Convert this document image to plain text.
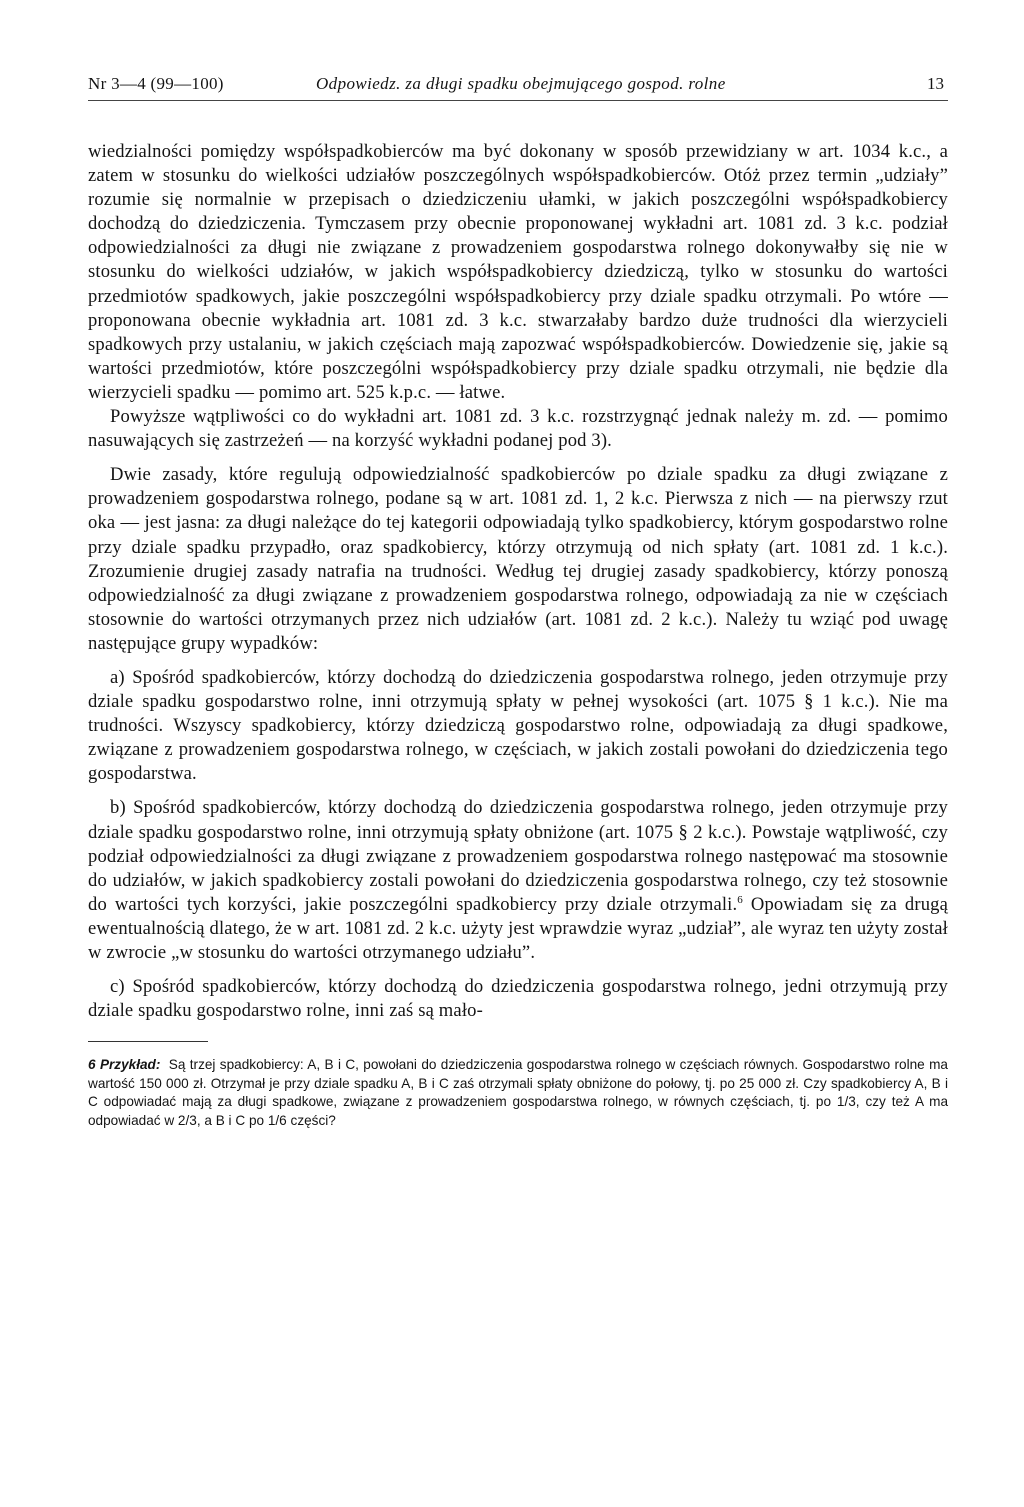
Nr 3—4 (99—100)	Odpowiedz. za długi spadku obejmującego gospod. rolne	13

wiedzialności pomiędzy współspadkobierców ma być dokonany w sposób przewidziany w art. 1034 k.c., a zatem w stosunku do wielkości udziałów poszczególnych współspadkobierców. Otóż przez termin „udziały” rozumie się normalnie w przepisach o dziedziczeniu ułamki, w jakich poszczególni współspadkobiercy dochodzą do dziedziczenia. Tymczasem przy obecnie proponowanej wykładni art. 1081 zd. 3 k.c. podział odpowiedzialności za długi nie związane z prowadzeniem gospodarstwa rolnego dokonywałby się nie w stosunku do wielkości udziałów, w jakich współspadkobiercy dziedziczą, tylko w stosunku do wartości przedmiotów spadkowych, jakie poszczególni współspadkobiercy przy dziale spadku otrzymali. Po wtóre — proponowana obecnie wykładnia art. 1081 zd. 3 k.c. stwarzałaby bardzo duże trudności dla wierzycieli spadkowych przy ustalaniu, w jakich częściach mają zapozwać współspadkobierców. Dowiedzenie się, jakie są wartości przedmiotów, które poszczególni współspadkobiercy przy dziale spadku otrzymali, nie będzie dla wierzycieli spadku — pomimo art. 525 k.p.c. — łatwe.

Powyższe wątpliwości co do wykładni art. 1081 zd. 3 k.c. rozstrzygnąć jednak należy m. zd. — pomimo nasuwających się zastrzeżeń — na korzyść wykładni podanej pod 3).

Dwie zasady, które regulują odpowiedzialność spadkobierców po dziale spadku za długi związane z prowadzeniem gospodarstwa rolnego, podane są w art. 1081 zd. 1, 2 k.c. Pierwsza z nich — na pierwszy rzut oka — jest jasna: za długi należące do tej kategorii odpowiadają tylko spadkobiercy, którym gospodarstwo rolne przy dziale spadku przypadło, oraz spadkobiercy, którzy otrzymują od nich spłaty (art. 1081 zd. 1 k.c.). Zrozumienie drugiej zasady natrafia na trudności. Według tej drugiej zasady spadkobiercy, którzy ponoszą odpowiedzialność za długi związane z prowadzeniem gospodarstwa rolnego, odpowiadają za nie w częściach stosownie do wartości otrzymanych przez nich udziałów (art. 1081 zd. 2 k.c.). Należy tu wziąć pod uwagę następujące grupy wypadków:

a) Spośród spadkobierców, którzy dochodzą do dziedziczenia gospodarstwa rolnego, jeden otrzymuje przy dziale spadku gospodarstwo rolne, inni otrzymują spłaty w pełnej wysokości (art. 1075 § 1 k.c.). Nie ma trudności. Wszyscy spadkobiercy, którzy dziedziczą gospodarstwo rolne, odpowiadają za długi spadkowe, związane z prowadzeniem gospodarstwa rolnego, w częściach, w jakich zostali powołani do dziedziczenia tego gospodarstwa.

b) Spośród spadkobierców, którzy dochodzą do dziedziczenia gospodarstwa rolnego, jeden otrzymuje przy dziale spadku gospodarstwo rolne, inni otrzymują spłaty obniżone (art. 1075 § 2 k.c.). Powstaje wątpliwość, czy podział odpowiedzialności za długi związane z prowadzeniem gospodarstwa rolnego następować ma stosownie do udziałów, w jakich spadkobiercy zostali powołani do dziedziczenia gospodarstwa rolnego, czy też stosownie do wartości tych korzyści, jakie poszczególni spadkobiercy przy dziale otrzymali.$^6$ Opowiadam się za drugą ewentualnością dlatego, że w art. 1081 zd. 2 k.c. użyty jest wprawdzie wyraz „udział”, ale wyraz ten użyty został w zwrocie „w stosunku do wartości otrzymanego udziału”.

c) Spośród spadkobierców, którzy dochodzą do dziedziczenia gospodarstwa rolnego, jedni otrzymują przy dziale spadku gospodarstwo rolne, inni zaś są mało-

6 Przykład: Są trzej spadkobiercy: A, B i C, powołani do dziedziczenia gospodarstwa rolnego w częściach równych. Gospodarstwo rolne ma wartość 150 000 zł. Otrzymał je przy dziale spadku A, B i C zaś otrzymali spłaty obniżone do połowy, tj. po 25 000 zł. Czy spadkobiercy A, B i C odpowiadać mają za długi spadkowe, związane z prowadzeniem gospodarstwa rolnego, w równych częściach, tj. po 1/3, czy też A ma odpowiadać w 2/3, a B i C po 1/6 części?
